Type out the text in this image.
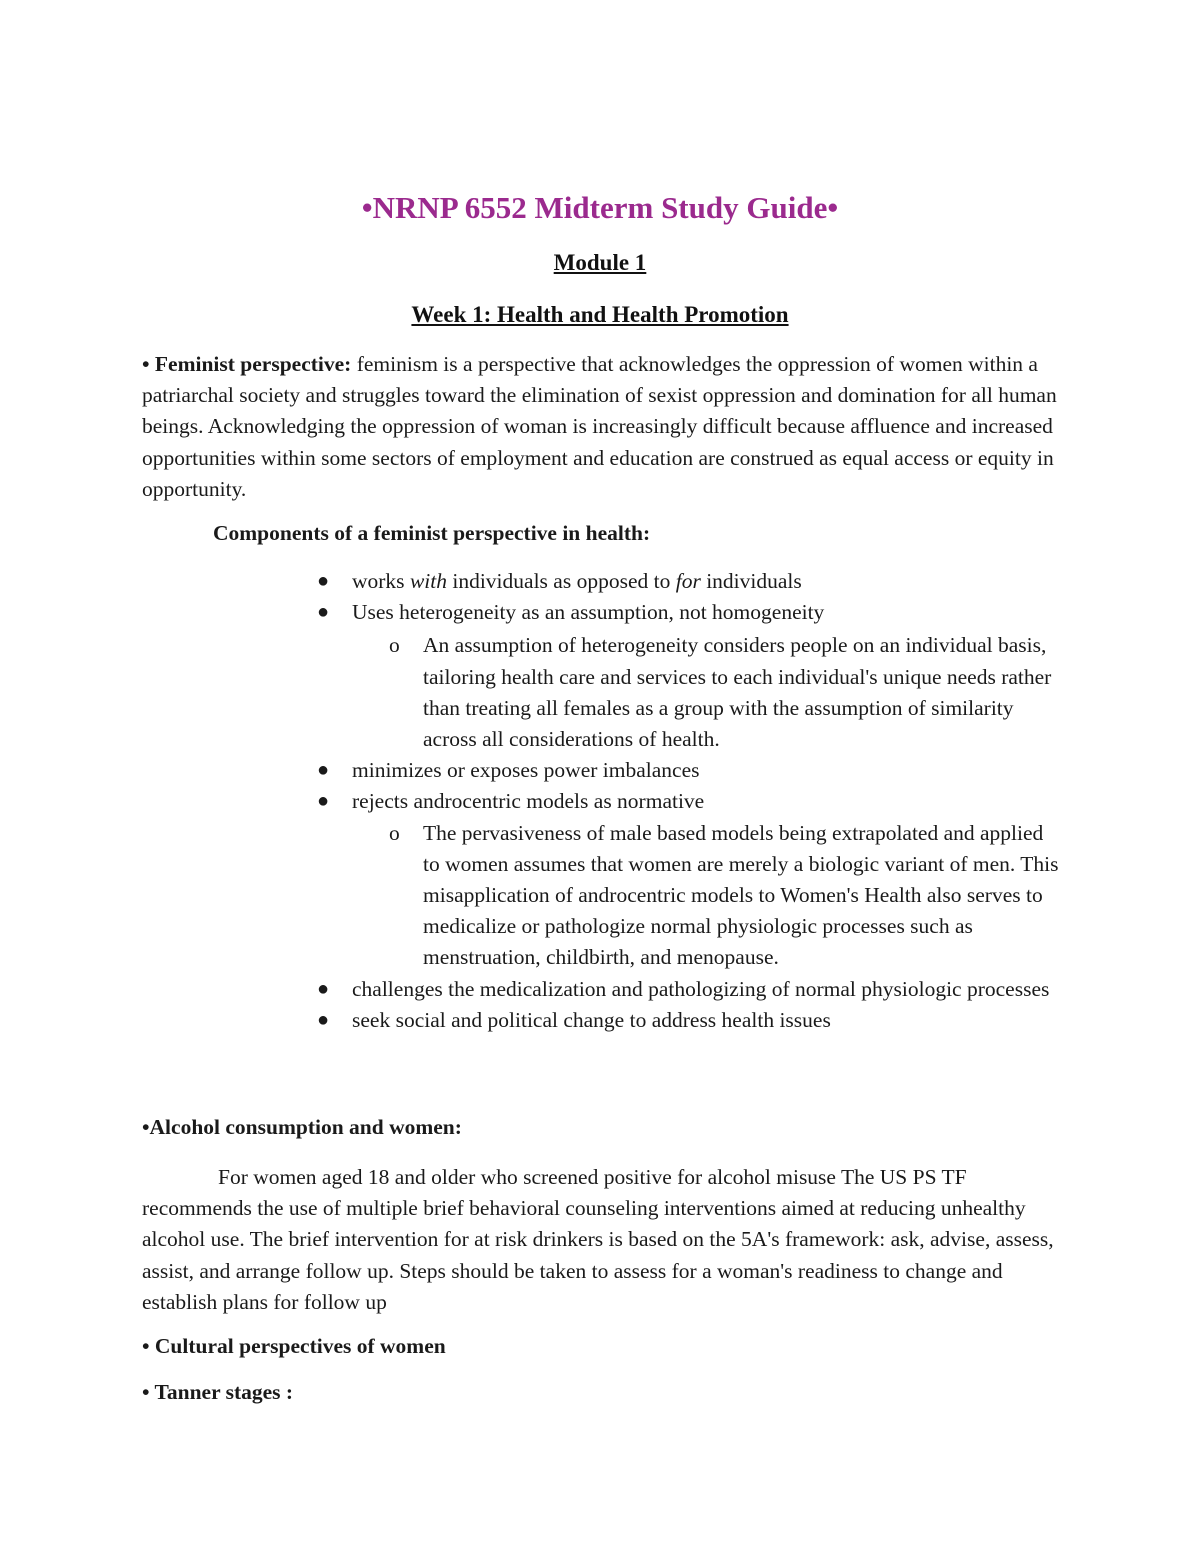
•NRNP 6552 Midterm Study Guide•
Module 1
Week 1: Health and Health Promotion
• Feminist perspective: feminism is a perspective that acknowledges the oppression of women within a patriarchal society and struggles toward the elimination of sexist oppression and domination for all human beings. Acknowledging the oppression of woman is increasingly difficult because affluence and increased opportunities within some sectors of employment and education are construed as equal access or equity in opportunity.
Components of a feminist perspective in health:
● works with individuals as opposed to for individuals
● Uses heterogeneity as an assumption, not homogeneity
o An assumption of heterogeneity considers people on an individual basis, tailoring health care and services to each individual's unique needs rather than treating all females as a group with the assumption of similarity across all considerations of health.
● minimizes or exposes power imbalances
● rejects androcentric models as normative
o The pervasiveness of male based models being extrapolated and applied to women assumes that women are merely a biologic variant of men. This misapplication of androcentric models to Women's Health also serves to medicalize or pathologize normal physiologic processes such as menstruation, childbirth, and menopause.
● challenges the medicalization and pathologizing of normal physiologic processes
● seek social and political change to address health issues
•Alcohol consumption and women:
For women aged 18 and older who screened positive for alcohol misuse The US PS TF recommends the use of multiple brief behavioral counseling interventions aimed at reducing unhealthy alcohol use. The brief intervention for at risk drinkers is based on the 5A's framework: ask, advise, assess, assist, and arrange follow up. Steps should be taken to assess for a woman's readiness to change and establish plans for follow up
• Cultural perspectives of women
• Tanner stages :
